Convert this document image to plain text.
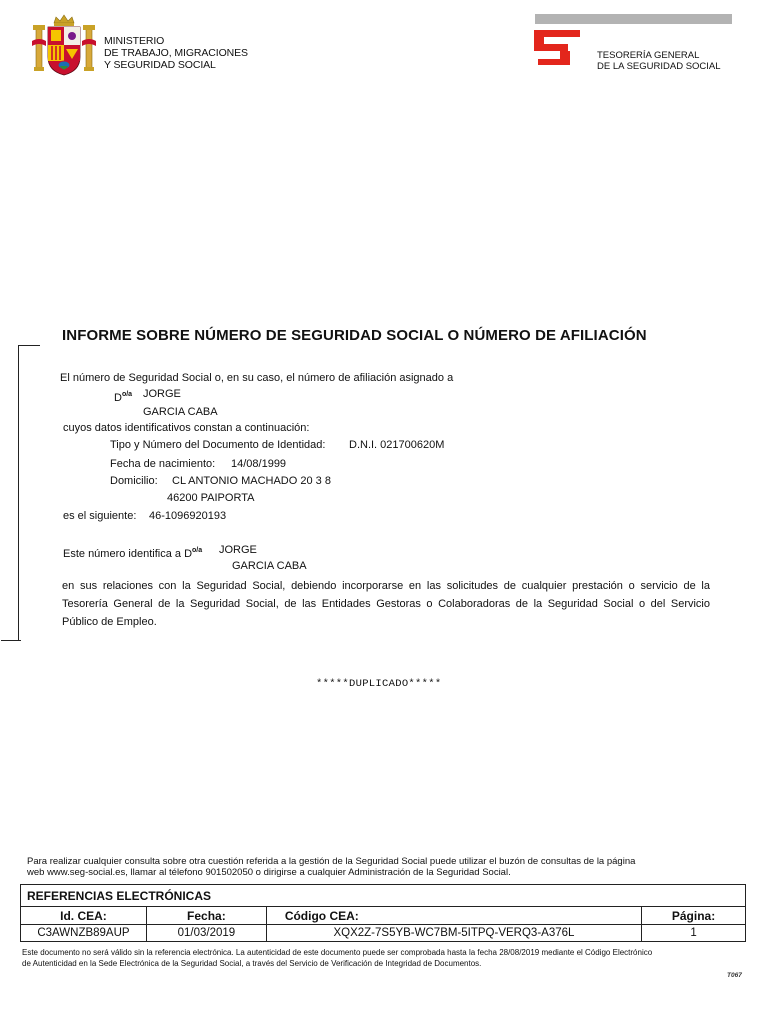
MINISTERIO
DE TRABAJO, MIGRACIONES
Y SEGURIDAD SOCIAL
TESORERÍA GENERAL
DE LA SEGURIDAD SOCIAL
INFORME SOBRE NÚMERO DE SEGURIDAD SOCIAL O NÚMERO DE AFILIACIÓN
El número de Seguridad Social o, en su caso, el número de afiliación asignado a
$D^{o/a}$ JORGE
GARCIA CABA
cuyos datos identificativos constan a continuación:
Tipo y Número del Documento de Identidad: D.N.I. 021700620M
Fecha de nacimiento: 14/08/1999
Domicilio: CL ANTONIO MACHADO 20 3 8
46200 PAIPORTA
es el siguiente: 46-1096920193
Este número identifica a $D^{o/a}$ JORGE
GARCIA CABA
en sus relaciones con la Seguridad Social, debiendo incorporarse en las solicitudes de cualquier prestación o servicio de la
Tesorería General de la Seguridad Social, de las Entidades Gestoras o Colaboradoras de la Seguridad Social o del Servicio
Público de Empleo.
*****DUPLICADO*****
Para realizar cualquier consulta sobre otra cuestión referida a la gestión de la Seguridad Social puede utilizar el buzón de consultas de la página
web www.seg-social.es, llamar al télefono 901502050 o dirigirse a cualquier Administración de la Seguridad Social.
REFERENCIAS ELECTRÓNICAS			
Id. CEA:	Fecha:	Código CEA:	Página:
C3AWNZB89AUP	01/03/2019	XQX2Z-7S5YB-WC7BM-5ITPQ-VERQ3-A376L	1
Este documento no será válido sin la referencia electrónica. La autenticidad de este documento puede ser comprobada hasta la fecha 28/08/2019 mediante el Código Electrónico
de Autenticidad en la Sede Electrónica de la Seguridad Social, a través del Servicio de Verificación de Integridad de Documentos.
T067
